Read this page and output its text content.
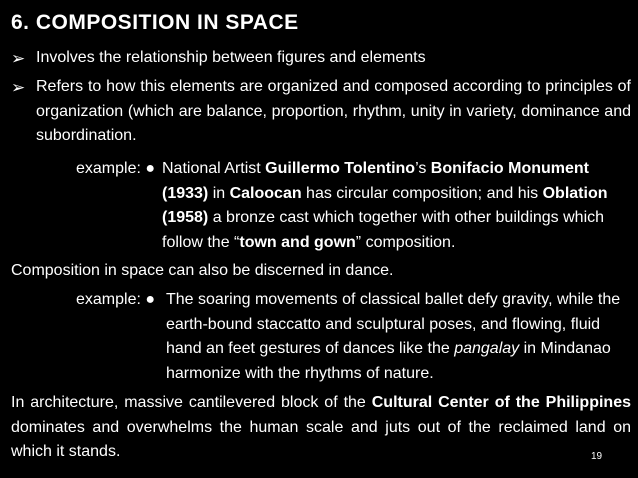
6. COMPOSITION IN SPACE
➢ Involves the relationship between figures and elements
➢ Refers to how this elements are organized and composed according to principles of organization (which are balance, proportion, rhythm, unity in variety, dominance and subordination.
example: ● National Artist Guillermo Tolentino’s Bonifacio Monument (1933) in Caloocan has circular composition; and his Oblation (1958) a bronze cast which together with other buildings which follow the “town and gown” composition.
Composition in space can also be discerned in dance.
example: ● The soaring movements of classical ballet defy gravity, while the earth-bound staccatto and sculptural poses, and flowing, fluid hand an feet gestures of dances like the pangalay in Mindanao harmonize with the rhythms of nature.
In architecture, massive cantilevered block of the Cultural Center of the Philippines dominates and overwhelms the human scale and juts out of the reclaimed land on which it stands.	19
